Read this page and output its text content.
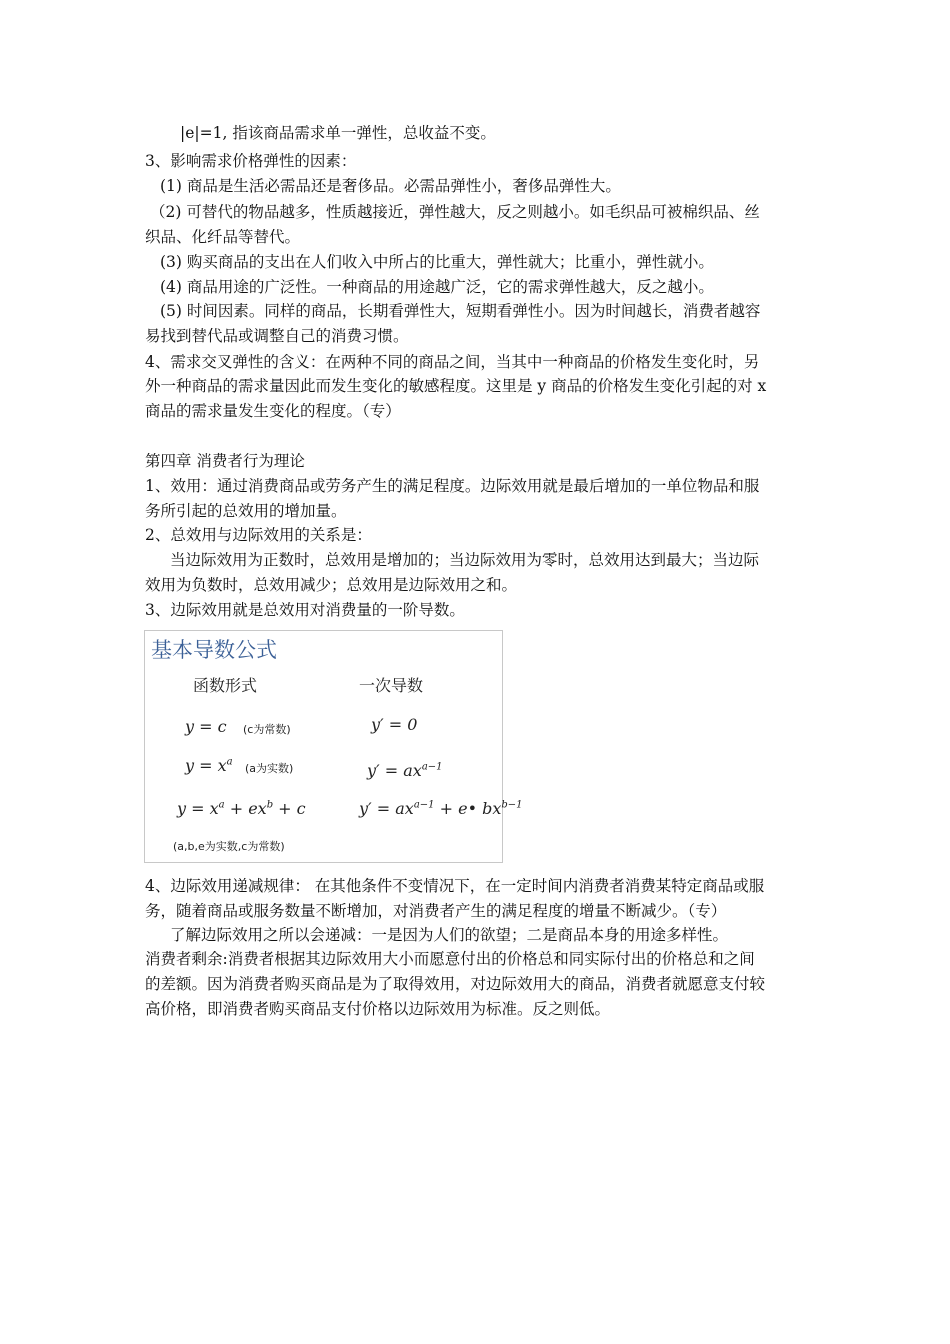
|e|=1, 指该商品需求单一弹性，总收益不变。
3、影响需求价格弹性的因素：
(1) 商品是生活必需品还是奢侈品。必需品弹性小，奢侈品弹性大。
（2) 可替代的物品越多，性质越接近，弹性越大，反之则越小。如毛织品可被棉织品、丝
织品、化纤品等替代。
(3) 购买商品的支出在人们收入中所占的比重大，弹性就大；比重小，弹性就小。
(4) 商品用途的广泛性。一种商品的用途越广泛，它的需求弹性越大，反之越小。
(5) 时间因素。同样的商品，长期看弹性大，短期看弹性小。因为时间越长，消费者越容
易找到替代品或调整自己的消费习惯。
4、需求交叉弹性的含义：在两种不同的商品之间，当其中一种商品的价格发生变化时，另
外一种商品的需求量因此而发生变化的敏感程度。这里是 y 商品的价格发生变化引起的对 x
商品的需求量发生变化的程度。（专）
第四章 消费者行为理论
1、效用：通过消费商品或劳务产生的满足程度。边际效用就是最后增加的一单位物品和服
务所引起的总效用的增加量。
2、总效用与边际效用的关系是：
当边际效用为正数时，总效用是增加的；当边际效用为零时，总效用达到最大；当边际
效用为负数时，总效用减少；总效用是边际效用之和。
3、边际效用就是总效用对消费量的一阶导数。
基本导数公式
函数形式	一次导数
y = c (c为常数)	y′ = 0
$y = x^a$ (a为实数)	$y' = ax^{a-1}$
$y = x^a + ex^b + c$	$y' = ax^{a-1}$ + e• $bx^{b-1}$
(a,b,e为实数,c为常数)
4、边际效用递减规律： 在其他条件不变情况下，在一定时间内消费者消费某特定商品或服
务，随着商品或服务数量不断增加，对消费者产生的满足程度的增量不断减少。（专）
了解边际效用之所以会递减：一是因为人们的欲望；二是商品本身的用途多样性。
消费者剩余:消费者根据其边际效用大小而愿意付出的价格总和同实际付出的价格总和之间
的差额。因为消费者购买商品是为了取得效用，对边际效用大的商品，消费者就愿意支付较
高价格，即消费者购买商品支付价格以边际效用为标准。反之则低。
